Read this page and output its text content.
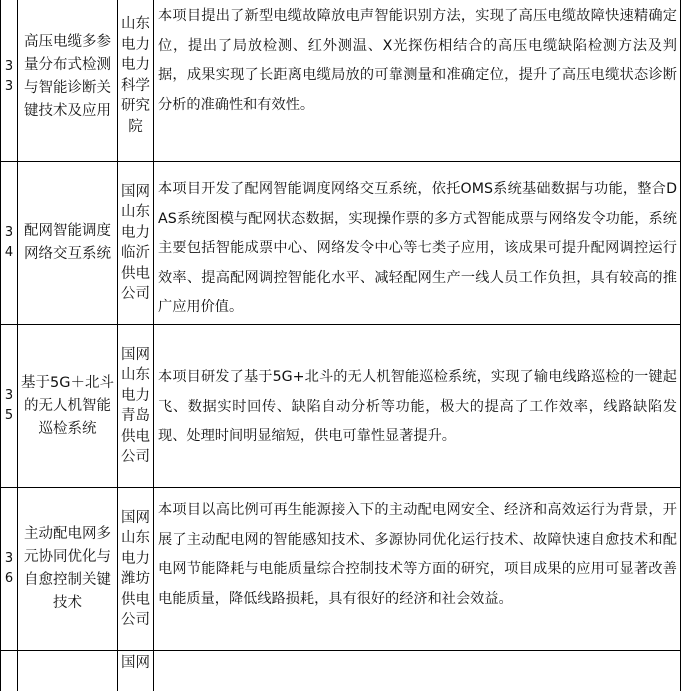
33
高压电缆多参量分布式检测与智能诊断关键技术及应用
山东电力电力科学研究院
本项目提出了新型电缆故障放电声智能识别方法，实现了高压电缆故障快速精确定位，提出了局放检测、红外测温、X光探伤相结合的高压电缆缺陷检测方法及判据，成果实现了长距离电缆局放的可靠测量和准确定位，提升了高压电缆状态诊断分析的准确性和有效性。
34
配网智能调度网络交互系统
国网山东电力临沂供电公司
本项目开发了配网智能调度网络交互系统，依托OMS系统基础数据与功能，整合DAS系统图模与配网状态数据，实现操作票的多方式智能成票与网络发令功能，系统主要包括智能成票中心、网络发令中心等七类子应用，该成果可提升配网调控运行效率、提高配网调控智能化水平、减轻配网生产一线人员工作负担，具有较高的推广应用价值。
35
基于5G＋北斗的无人机智能巡检系统
国网山东电力青岛供电公司
本项目研发了基于5G+北斗的无人机智能巡检系统，实现了输电线路巡检的一键起飞、数据实时回传、缺陷自动分析等功能，极大的提高了工作效率，线路缺陷发现、处理时间明显缩短，供电可靠性显著提升。
36
主动配电网多元协同优化与自愈控制关键技术
国网山东电力潍坊供电公司
本项目以高比例可再生能源接入下的主动配电网安全、经济和高效运行为背景，开展了主动配电网的智能感知技术、多源协同优化运行技术、故障快速自愈技术和配电网节能降耗与电能质量综合控制技术等方面的研究，项目成果的应用可显著改善电能质量，降低线路损耗，具有很好的经济和社会效益。
国网
